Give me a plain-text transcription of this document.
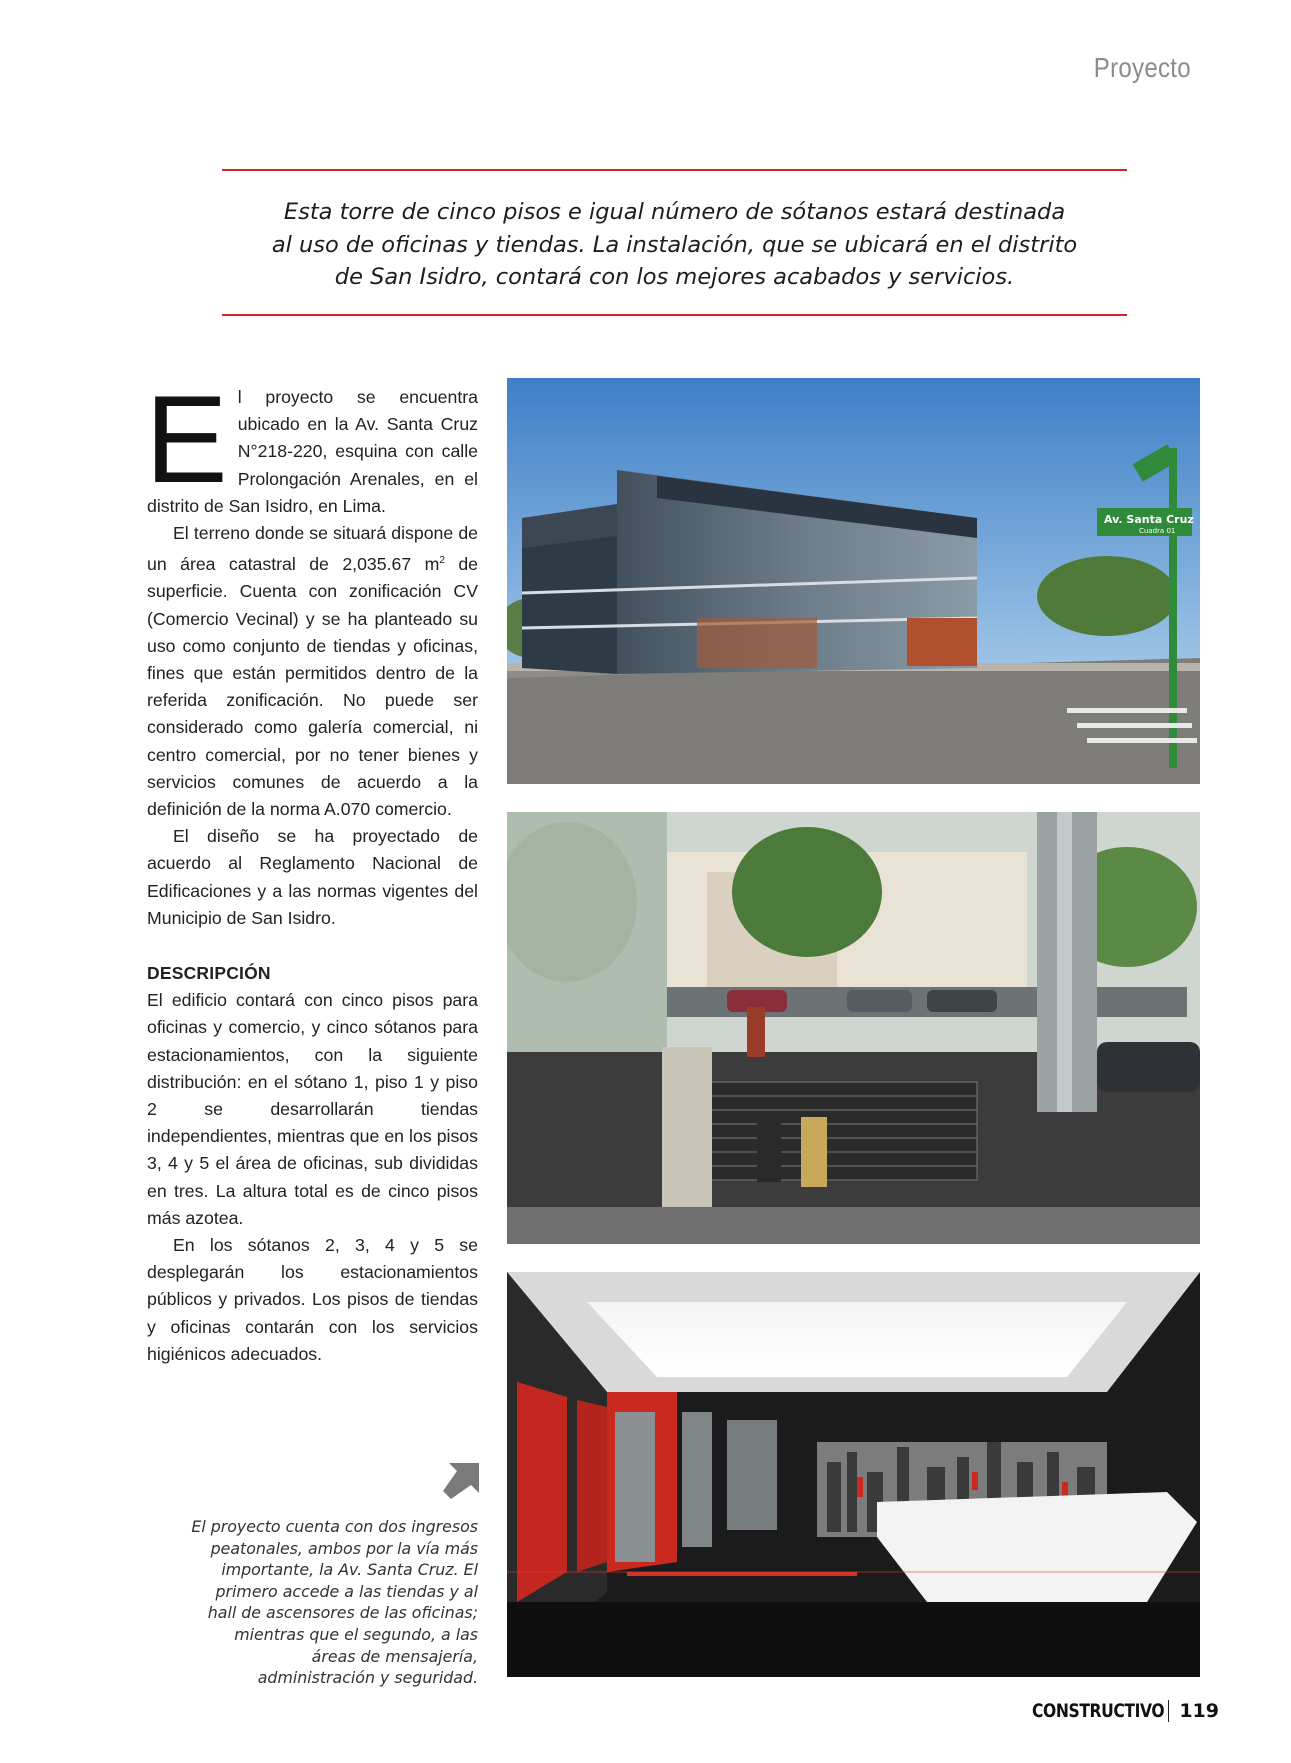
Proyecto

Esta torre de cinco pisos e igual número de sótanos estará destinada

al uso de oficinas y tiendas. La instalación, que se ubicará en el distrito

de San Isidro, contará con los mejores acabados y servicios.

E l proyecto se encuentra ubicado en la Av. Santa Cruz N°218-220, esquina con calle Prolongación Arenales, en el distrito de San Isidro, en Lima.

El terreno donde se situará dispone de un área catastral de 2,035.67 $m^2$ de superficie. Cuenta con zonificación CV (Comercio Vecinal) y se ha planteado su uso como conjunto de tiendas y oficinas, fines que están permitidos dentro de la referida zonificación. No puede ser considerado como galería comercial, ni centro comercial, por no tener bienes y servicios comunes de acuerdo a la definición de la norma A.070 comercio.

El diseño se ha proyectado de acuerdo al Reglamento Nacional de Edificaciones y a las normas vigentes del Municipio de San Isidro.

DESCRIPCIÓN

El edificio contará con cinco pisos para oficinas y comercio, y cinco sótanos para estacionamientos, con la siguiente distribución: en el sótano 1, piso 1 y piso 2 se desarrollarán tiendas independientes, mientras que en los pisos 3, 4 y 5 el área de oficinas, sub divididas en tres. La altura total es de cinco pisos más azotea.

En los sótanos 2, 3, 4 y 5 se desplegarán los estacionamientos públicos y privados. Los pisos de tiendas y oficinas contarán con los servicios higiénicos adecuados.

El proyecto cuenta con dos ingresos peatonales, ambos por la vía más importante, la Av. Santa Cruz. El primero accede a las tiendas y al hall de ascensores de las oficinas; mientras que el segundo, a las áreas de mensajería, administración y seguridad.
Av. Santa Cruz
Cuadra 01
CONSTRUCTIVO 119
